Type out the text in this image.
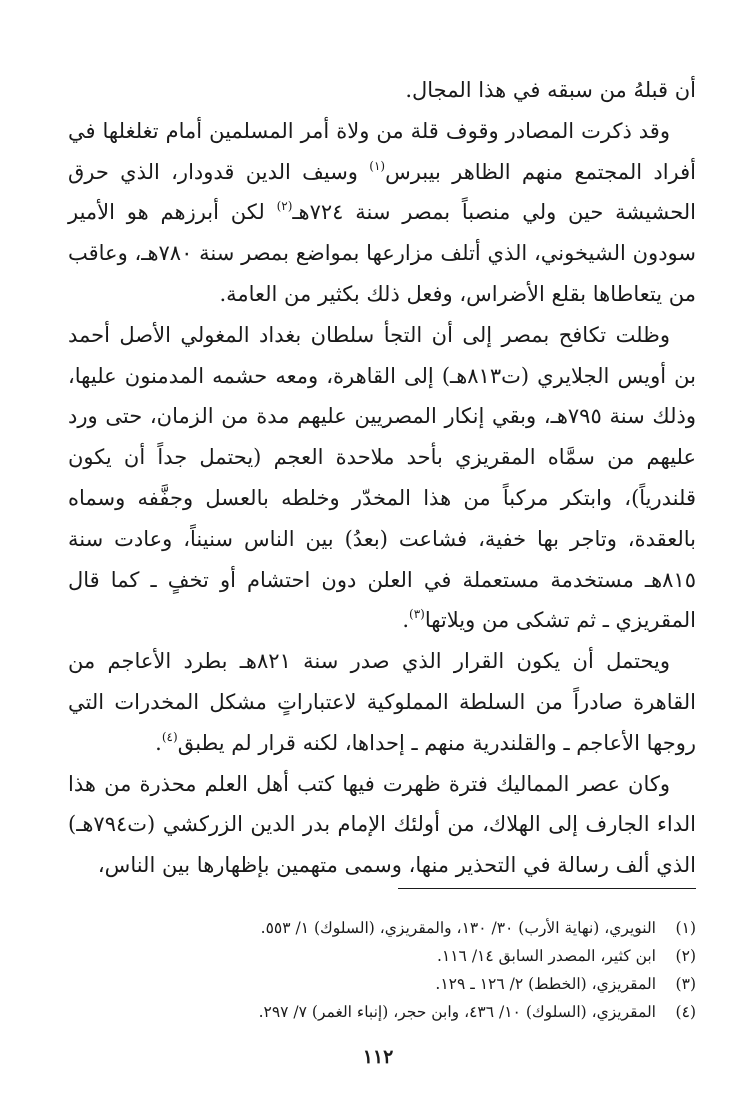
أن قبلهُ من سبقه في هذا المجال.

وقد ذكرت المصادر وقوف قلة من ولاة أمر المسلمين أمام تغلغلها في أفراد المجتمع منهم الظاهر بيبرس$^{(١)}$ وسيف الدين قدودار، الذي حرق الحشيشة حين ولي منصباً بمصر سنة ٧٢٤هـ$^{(٢)}$ لكن أبرزهم هو الأمير سودون الشيخوني، الذي أتلف مزارعها بمواضع بمصر سنة ٧٨٠هـ، وعاقب من يتعاطاها بقلع الأضراس، وفعل ذلك بكثير من العامة.

وظلت تكافح بمصر إلى أن التجأ سلطان بغداد المغولي الأصل أحمد بن أويس الجلايري (ت٨١٣هـ) إلى القاهرة، ومعه حشمه المدمنون عليها، وذلك سنة ٧٩٥هـ، وبقي إنكار المصريين عليهم مدة من الزمان، حتى ورد عليهم من سمَّاه المقريزي بأحد ملاحدة العجم (يحتمل جداً أن يكون قلندرياً)، وابتكر مركباً من هذا المخدّر وخلطه بالعسل وجفَّفه وسماه بالعقدة، وتاجر بها خفية، فشاعت (بعدُ) بين الناس سنيناً، وعادت سنة ٨١٥هـ مستخدمة مستعملة في العلن دون احتشام أو تخفٍ ـ كما قال المقريزي ـ ثم تشكى من ويلاتها$^{(٣)}$.

ويحتمل أن يكون القرار الذي صدر سنة ٨٢١هـ بطرد الأعاجم من القاهرة صادراً من السلطة المملوكية لاعتباراتٍ مشكل المخدرات التي روجها الأعاجم ـ والقلندرية منهم ـ إحداها، لكنه قرار لم يطبق$^{(٤)}$.

وكان عصر المماليك فترة ظهرت فيها كتب أهل العلم محذرة من هذا الداء الجارف إلى الهلاك، من أولئك الإمام بدر الدين الزركشي (ت٧٩٤هـ) الذي ألف رسالة في التحذير منها، وسمى متهمين بإظهارها بين الناس،

(١)
النويري، (نهاية الأرب) ٣٠/ ١٣٠، والمقريزي، (السلوك) ١/ ٥٥٣.
(٢)
ابن كثير، المصدر السابق ١٤/ ١١٦.
(٣)
المقريزي، (الخطط) ٢/ ١٢٦ ـ ١٢٩.
(٤)
المقريزي، (السلوك) ١٠/ ٤٣٦، وابن حجر، (إنباء الغمر) ٧/ ٢٩٧.
١١٢
